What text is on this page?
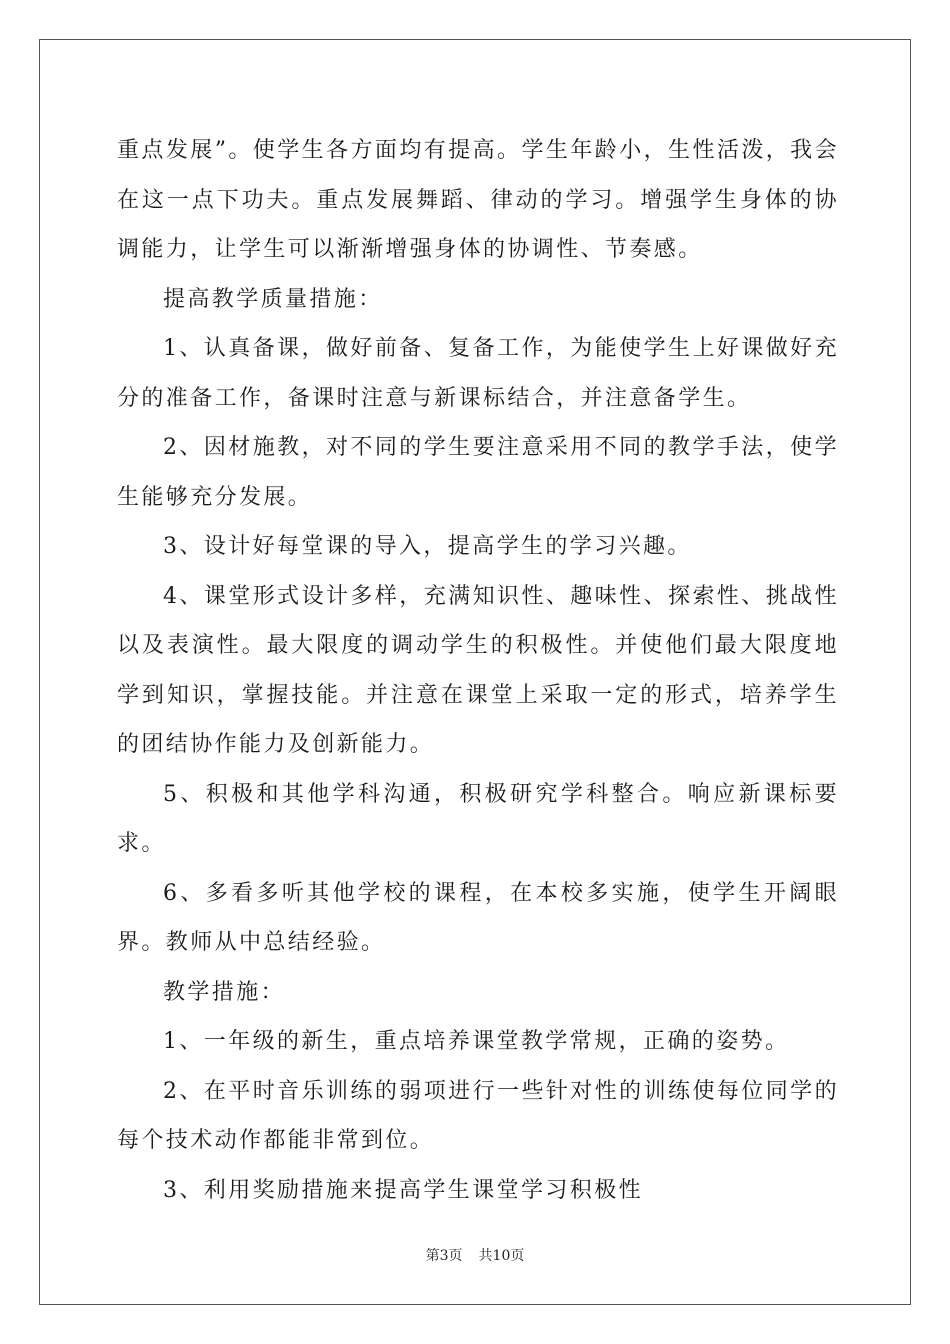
重点发展”。使学生各方面均有提高。学生年龄小，生性活泼，我会在这一点下功夫。重点发展舞蹈、律动的学习。增强学生身体的协调能力，让学生可以渐渐增强身体的协调性、节奏感。

提高教学质量措施：

1、认真备课，做好前备、复备工作，为能使学生上好课做好充分的准备工作，备课时注意与新课标结合，并注意备学生。

2、因材施教，对不同的学生要注意采用不同的教学手法，使学生能够充分发展。

3、设计好每堂课的导入，提高学生的学习兴趣。

4、课堂形式设计多样，充满知识性、趣味性、探索性、挑战性以及表演性。最大限度的调动学生的积极性。并使他们最大限度地学到知识，掌握技能。并注意在课堂上采取一定的形式，培养学生的团结协作能力及创新能力。

5、积极和其他学科沟通，积极研究学科整合。响应新课标要求。

6、多看多听其他学校的课程，在本校多实施，使学生开阔眼界。教师从中总结经验。

教学措施：

1、一年级的新生，重点培养课堂教学常规，正确的姿势。

2、在平时音乐训练的弱项进行一些针对性的训练使每位同学的每个技术动作都能非常到位。

3、利用奖励措施来提高学生课堂学习积极性

第3页 共10页
